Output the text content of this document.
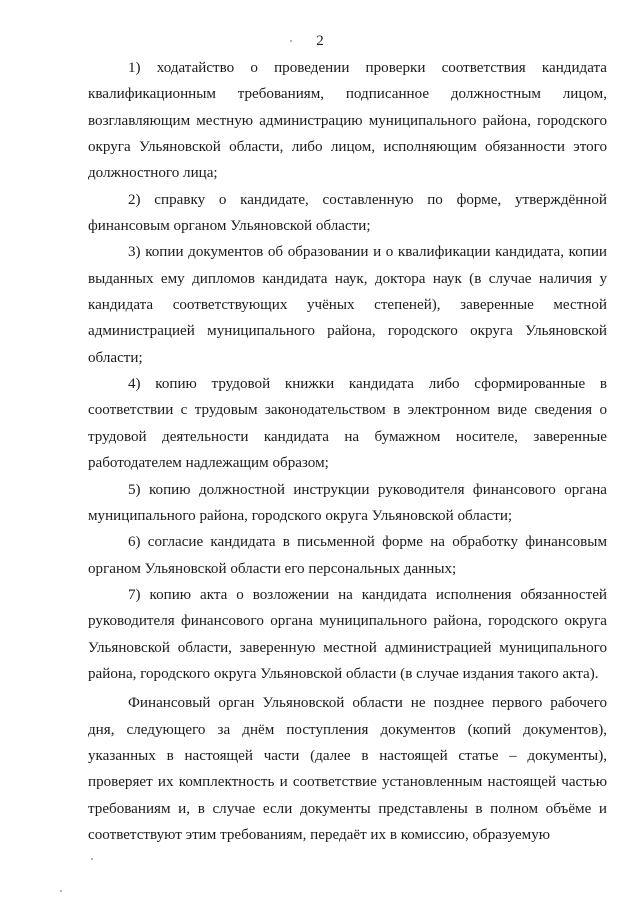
2

1) ходатайство о проведении проверки соответствия кандидата квалификационным требованиям, подписанное должностным лицом, возглавляющим местную администрацию муниципального района, городского округа Ульяновской области, либо лицом, исполняющим обязанности этого должностного лица;

2) справку о кандидате, составленную по форме, утверждённой финансовым органом Ульяновской области;

3) копии документов об образовании и о квалификации кандидата, копии выданных ему дипломов кандидата наук, доктора наук (в случае наличия у кандидата соответствующих учёных степеней), заверенные местной администрацией муниципального района, городского округа Ульяновской области;

4) копию трудовой книжки кандидата либо сформированные в соответствии с трудовым законодательством в электронном виде сведения о трудовой деятельности кандидата на бумажном носителе, заверенные работодателем надлежащим образом;

5) копию должностной инструкции руководителя финансового органа муниципального района, городского округа Ульяновской области;

6) согласие кандидата в письменной форме на обработку финансовым органом Ульяновской области его персональных данных;

7) копию акта о возложении на кандидата исполнения обязанностей руководителя финансового органа муниципального района, городского округа Ульяновской области, заверенную местной администрацией муниципального района, городского округа Ульяновской области (в случае издания такого акта).

Финансовый орган Ульяновской области не позднее первого рабочего дня, следующего за днём поступления документов (копий документов), указанных в настоящей части (далее в настоящей статье – документы), проверяет их комплектность и соответствие установленным настоящей частью требованиям и, в случае если документы представлены в полном объёме и соответствуют этим требованиям, передаёт их в комиссию, образуемую
